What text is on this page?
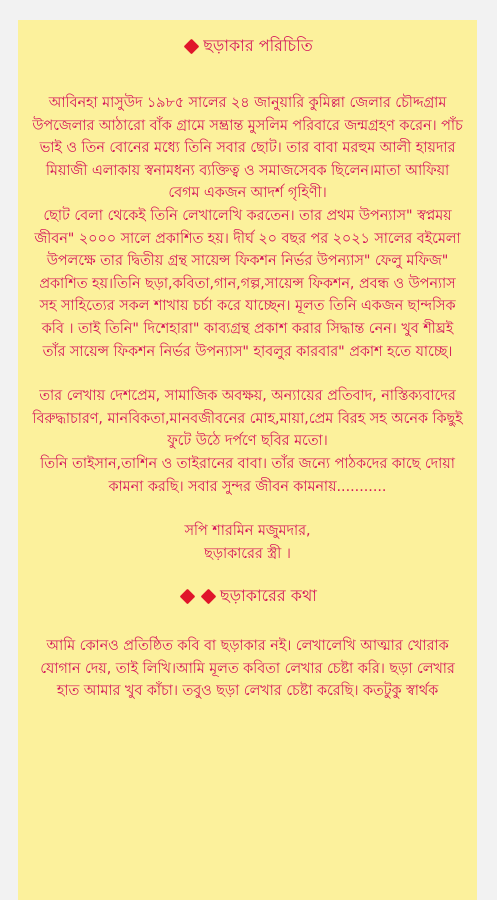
ছড়াকার পরিচিতি

আবিনহা মাসুউদ ১৯৮৫ সালের ২৪ জানুয়ারি কুমিল্লা জেলার চৌদ্দগ্রাম উপজেলার আঠারো বাঁক গ্রামে সম্ভ্রান্ত মুসলিম পরিবারে জন্মগ্রহণ করেন। পাঁচ ভাই ও তিন বোনের মধ্যে তিনি সবার ছোট। তার বাবা মরহুম আলী হায়দার মিয়াজী এলাকায় স্বনামধন্য ব্যক্তিত্ব ও সমাজসেবক ছিলেন।মাতা আফিয়া বেগম একজন আদর্শ গৃহিণী।

ছোট বেলা থেকেই তিনি লেখালেখি করতেন। তার প্রথম উপন্যাস" স্বপ্নময় জীবন" ২০০০ সালে প্রকাশিত হয়। দীর্ঘ ২০ বছর পর ২০২১ সালের বইমেলা উপলক্ষে তার দ্বিতীয় গ্রন্থ সায়েন্স ফিকশন নির্ভর উপন্যাস" ফেলু মফিজ" প্রকাশিত হয়।তিনি ছড়া,কবিতা,গান,গল্প,সায়েন্স ফিকশন, প্রবন্ধ ও উপন্যাস সহ সাহিত্যের সকল শাখায় চর্চা করে যাচ্ছেন। মূলত তিনি একজন ছান্দসিক কবি । তাই তিনি" দিশেহারা" কাব্যগ্রন্থ প্রকাশ করার সিদ্ধান্ত নেন। খুব শীঘ্রই তাঁর সায়েন্স ফিকশন নির্ভর উপন্যাস" হাবলুর কারবার" প্রকাশ হতে যাচ্ছে।

তার লেখায় দেশপ্রেম, সামাজিক অবক্ষয়, অন্যায়ের প্রতিবাদ, নাস্তিক্যবাদের বিরুদ্ধাচারণ, মানবিকতা,মানবজীবনের মোহ,মায়া,প্রেম বিরহ সহ অনেক কিছুই ফুটে উঠে দর্পণে ছবির মতো।

তিনি তাইসান,তাশিন ও তাইরানের বাবা। তাঁর জন্যে পাঠকদের কাছে দোয়া কামনা করছি। সবার সুন্দর জীবন কামনায়...........

সপি শারমিন মজুমদার,

ছড়াকারের স্ত্রী ।

ছড়াকারের কথা

আমি কোনও প্রতিষ্ঠিত কবি বা ছড়াকার নই। লেখালেখি আত্মার খোরাক যোগান দেয়, তাই লিখি।আমি মূলত কবিতা লেখার চেষ্টা করি। ছড়া লেখার হাত আমার খুব কাঁচা। তবুও ছড়া লেখার চেষ্টা করেছি। কতটুকু স্বার্থক
